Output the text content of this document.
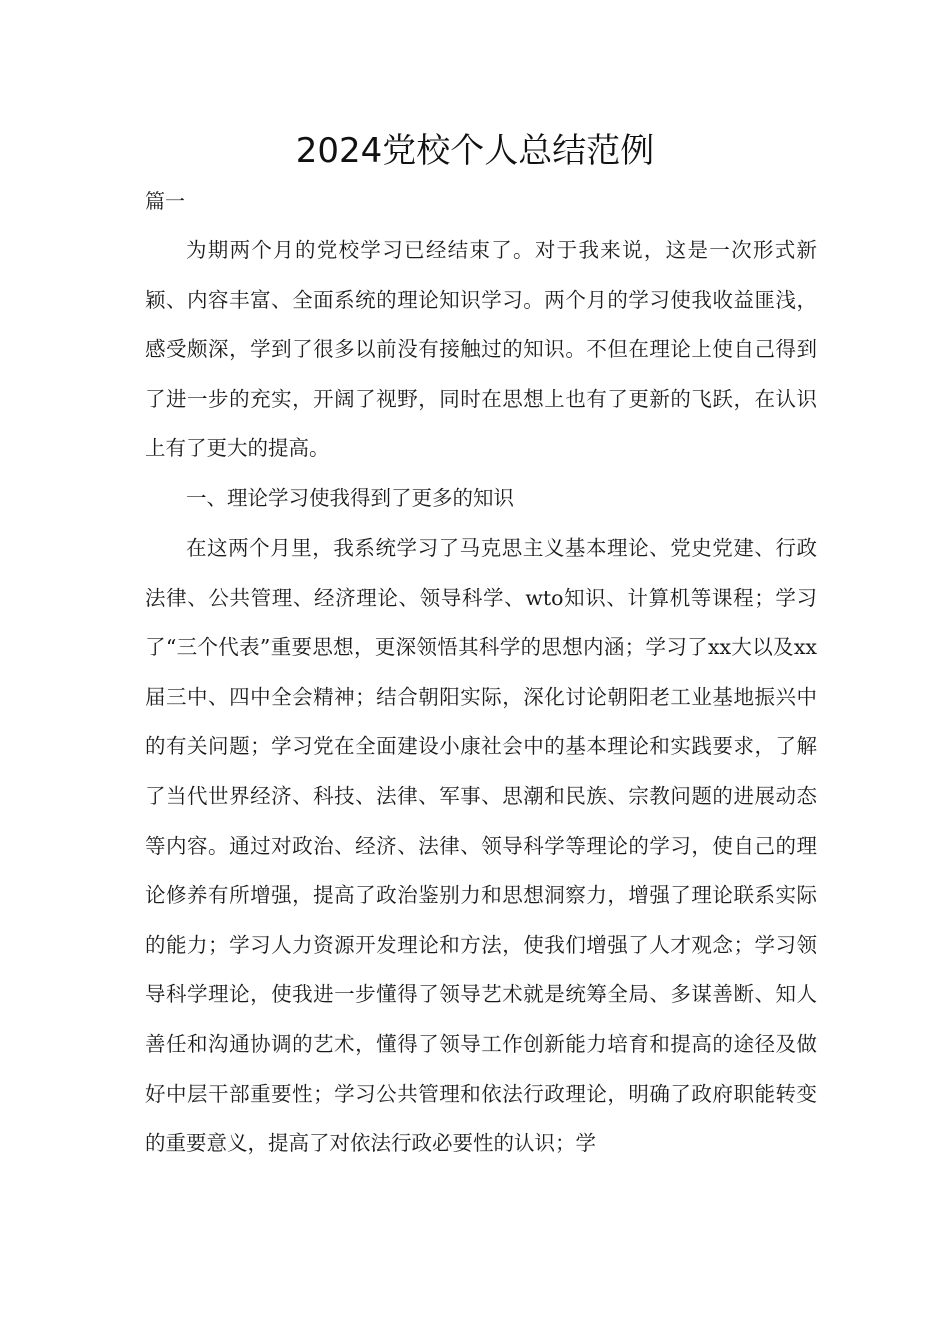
2024党校个人总结范例
篇一

为期两个月的党校学习已经结束了。对于我来说，这是一次形式新颖、内容丰富、全面系统的理论知识学习。两个月的学习使我收益匪浅，感受颇深，学到了很多以前没有接触过的知识。不但在理论上使自己得到了进一步的充实，开阔了视野，同时在思想上也有了更新的飞跃，在认识上有了更大的提高。

一、理论学习使我得到了更多的知识

在这两个月里，我系统学习了马克思主义基本理论、党史党建、行政法律、公共管理、经济理论、领导科学、wto知识、计算机等课程；学习了“三个代表”重要思想，更深领悟其科学的思想内涵；学习了xx大以及xx届三中、四中全会精神；结合朝阳实际，深化讨论朝阳老工业基地振兴中的有关问题；学习党在全面建设小康社会中的基本理论和实践要求，了解了当代世界经济、科技、法律、军事、思潮和民族、宗教问题的进展动态等内容。通过对政治、经济、法律、领导科学等理论的学习，使自己的理论修养有所增强，提高了政治鉴别力和思想洞察力，增强了理论联系实际的能力；学习人力资源开发理论和方法，使我们增强了人才观念；学习领导科学理论，使我进一步懂得了领导艺术就是统筹全局、多谋善断、知人善任和沟通协调的艺术，懂得了领导工作创新能力培育和提高的途径及做好中层干部重要性；学习公共管理和依法行政理论，明确了政府职能转变的重要意义，提高了对依法行政必要性的认识；学
